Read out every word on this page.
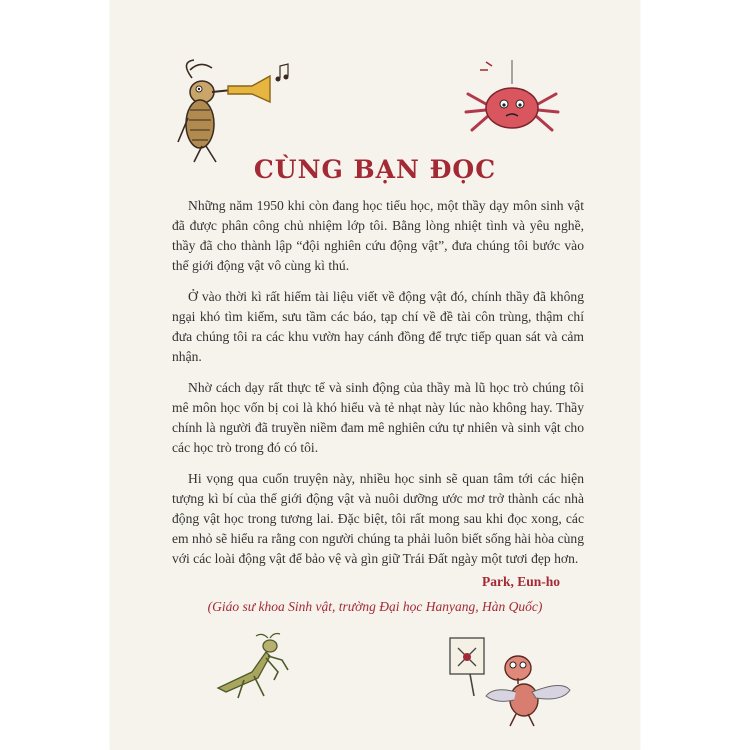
CÙNG BẠN ĐỌC

Những năm 1950 khi còn đang học tiểu học, một thầy dạy môn sinh vật đã được phân công chủ nhiệm lớp tôi. Bằng lòng nhiệt tình và yêu nghề, thầy đã cho thành lập “đội nghiên cứu động vật”, đưa chúng tôi bước vào thế giới động vật vô cùng kì thú.

Ở vào thời kì rất hiếm tài liệu viết về động vật đó, chính thầy đã không ngại khó tìm kiếm, sưu tầm các báo, tạp chí về đề tài côn trùng, thậm chí đưa chúng tôi ra các khu vườn hay cánh đồng để trực tiếp quan sát và cảm nhận.

Nhờ cách dạy rất thực tế và sinh động của thầy mà lũ học trò chúng tôi mê môn học vốn bị coi là khó hiểu và tẻ nhạt này lúc nào không hay. Thầy chính là người đã truyền niềm đam mê nghiên cứu tự nhiên và sinh vật cho các học trò trong đó có tôi.

Hi vọng qua cuốn truyện này, nhiều học sinh sẽ quan tâm tới các hiện tượng kì bí của thế giới động vật và nuôi dưỡng ước mơ trở thành các nhà động vật học trong tương lai. Đặc biệt, tôi rất mong sau khi đọc xong, các em nhỏ sẽ hiểu ra rằng con người chúng ta phải luôn biết sống hài hòa cùng với các loài động vật để bảo vệ và gìn giữ Trái Đất ngày một tươi đẹp hơn.

Park, Eun-ho
(Giáo sư khoa Sinh vật, trường Đại học Hanyang, Hàn Quốc)
